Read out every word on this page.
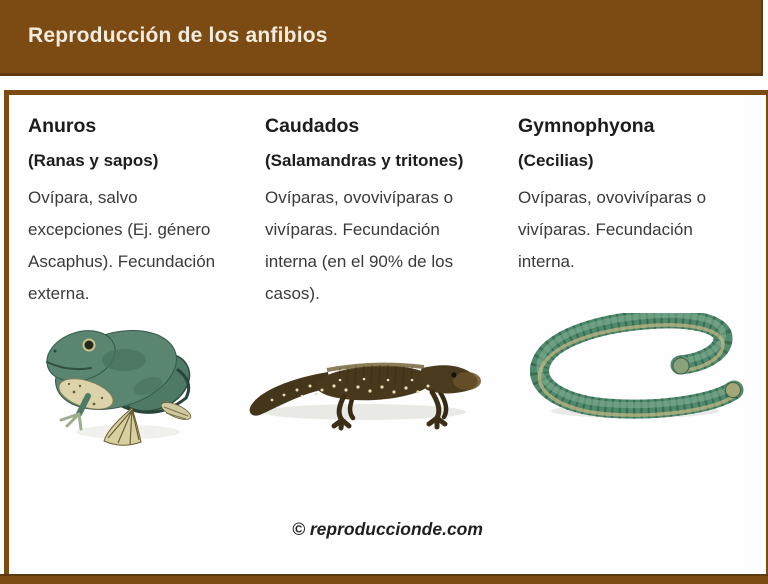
Reproducción de los anfibios
Anuros
(Ranas y sapos)
Ovípara, salvo
excepciones (Ej. género
Ascaphus). Fecundación
externa.
Caudados
(Salamandras y tritones)
Ovíparas, ovovivíparas o
vivíparas. Fecundación
interna (en el 90% de los
casos).
Gymnophyona
(Cecilias)
Ovíparas, ovovivíparas o
vivíparas. Fecundación
interna.
© reproduccionde.com
